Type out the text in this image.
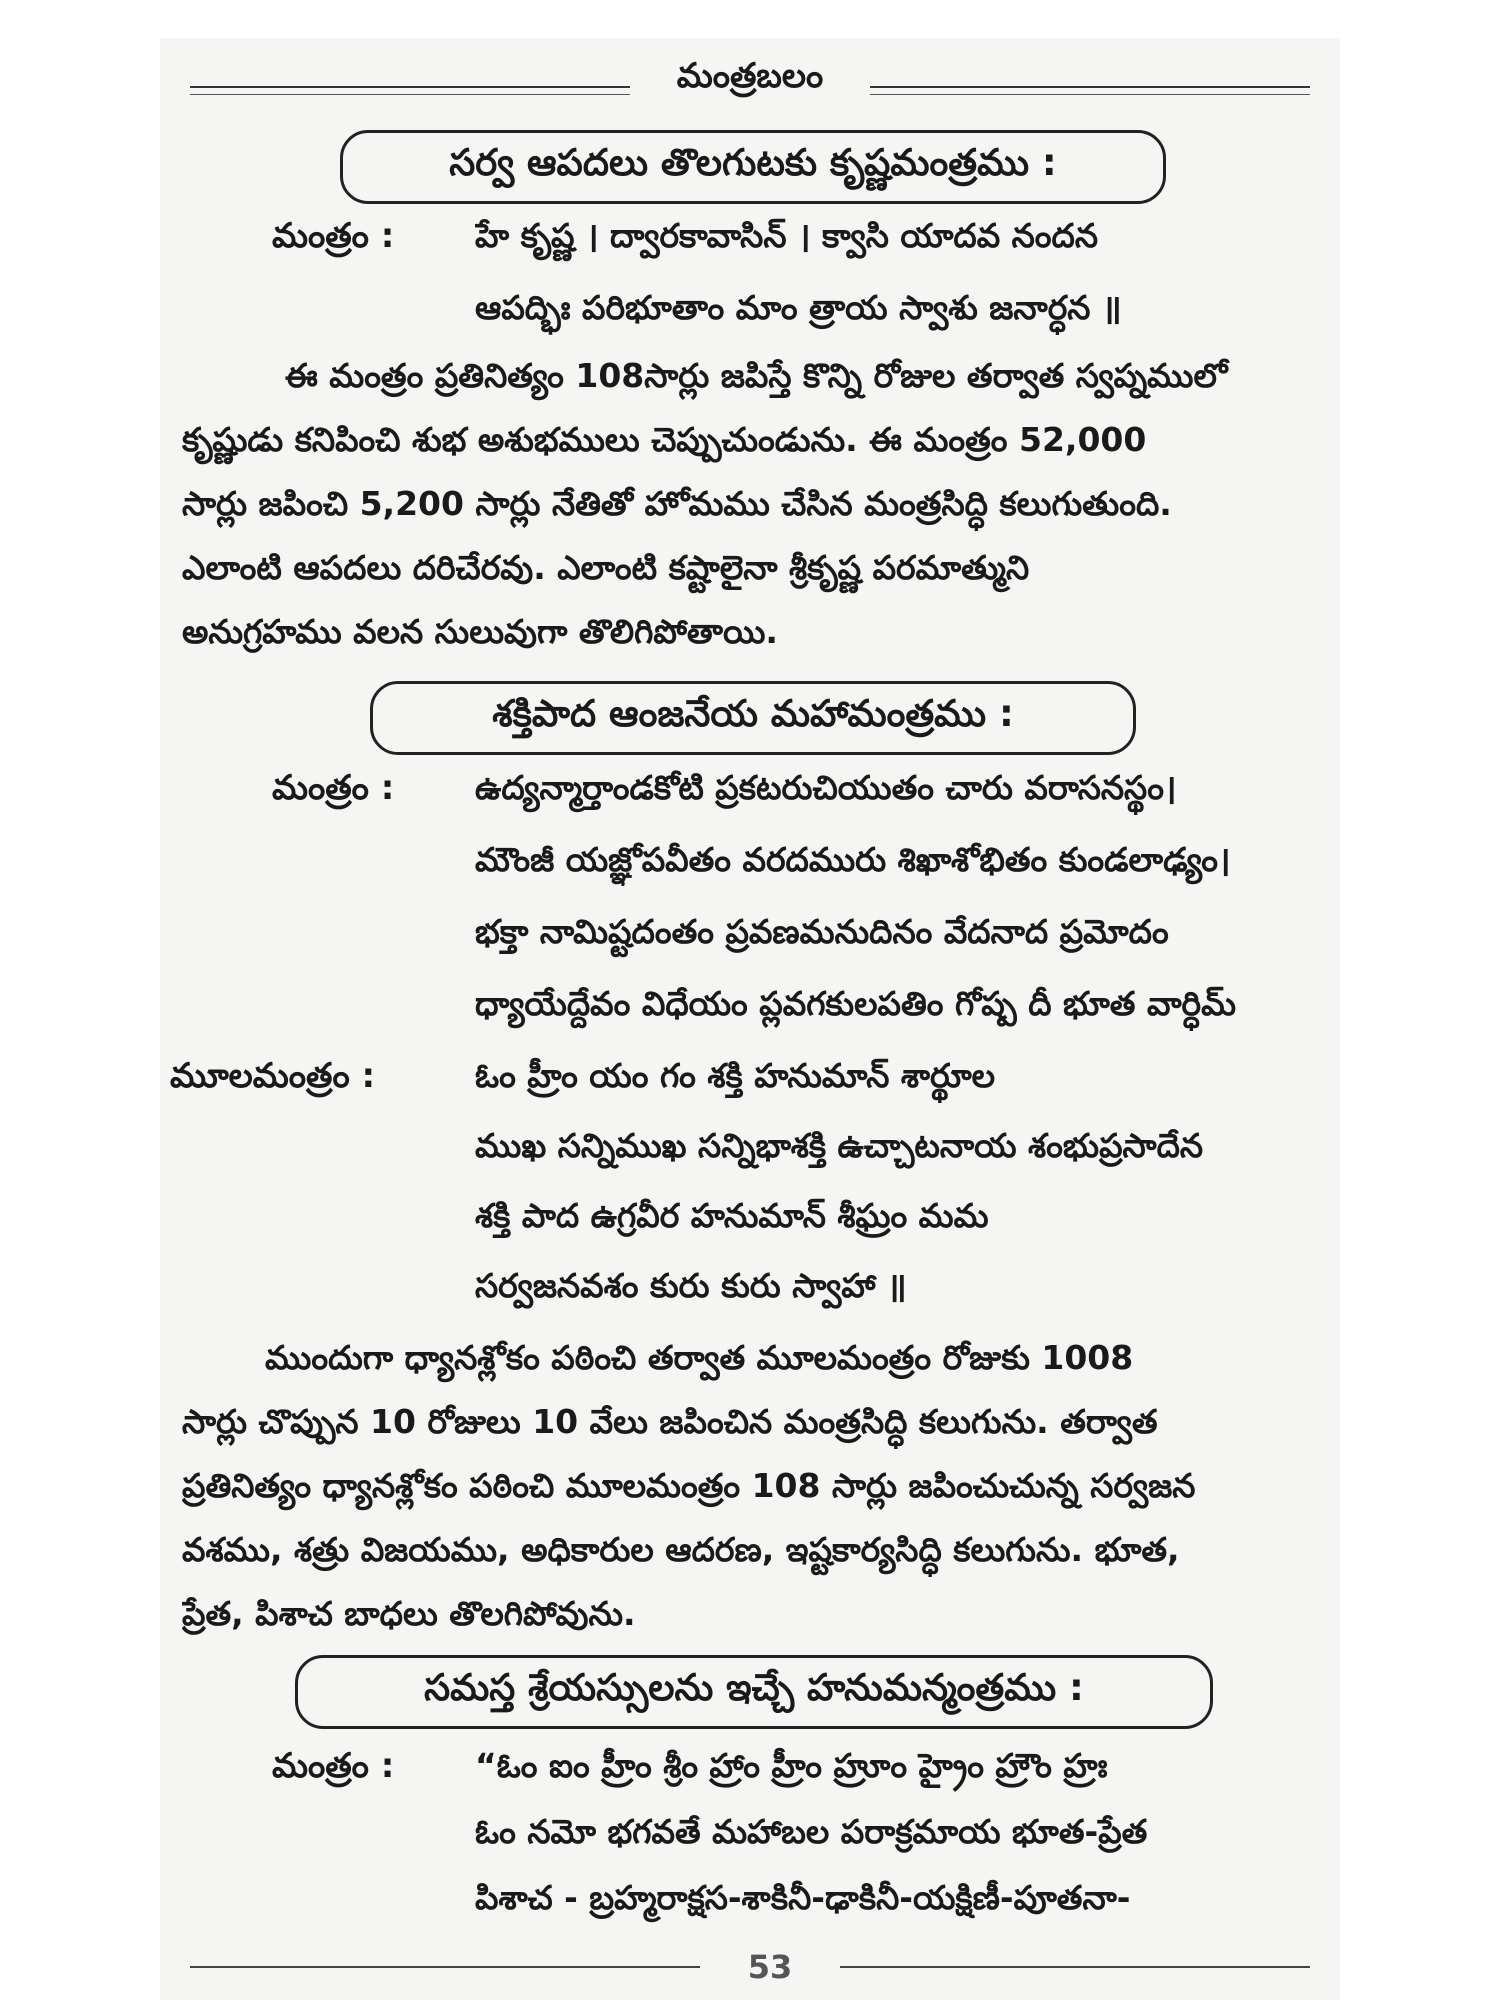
మంత్రబలం
సర్వ ఆపదలు తొలగుటకు కృష్ణమంత్రము :
మంత్రం : హే కృష్ణ । ద్వారకావాసిన్ । క్వాసి యాదవ నందన
ఆపద్భిః పరిభూతాం మాం త్రాయ స్వాశు జనార్ధన ॥
ఈ మంత్రం ప్రతినిత్యం 108సార్లు జపిస్తే కొన్ని రోజుల తర్వాత స్వప్నములో
కృష్ణుడు కనిపించి శుభ అశుభములు చెప్పుచుండును. ఈ మంత్రం 52,000
సార్లు జపించి 5,200 సార్లు నేతితో హోమము చేసిన మంత్రసిద్ధి కలుగుతుంది.
ఎలాంటి ఆపదలు దరిచేరవు. ఎలాంటి కష్టాలైనా శ్రీకృష్ణ పరమాత్ముని
అనుగ్రహము వలన సులువుగా తొలిగిపోతాయి.
శక్తిపాద ఆంజనేయ మహామంత్రము :
మంత్రం : ఉద్యన్మార్తాండకోటి ప్రకటరుచియుతం చారు వరాసనస్థం।
మౌంజీ యజ్ఞోపవీతం వరదమురు శిఖాశోభితం కుండలాఢ్యం।
భక్తా నామిష్టదంతం ప్రవణమనుదినం వేదనాద ప్రమోదం
ధ్యాయేద్దేవం విధేయం ప్లవగకులపతిం గోష్ప దీ భూత వార్ధిమ్
మూలమంత్రం :	ఓం హ్రీం యం గం శక్తి హనుమాన్ శార్థూల
ముఖ సన్నిముఖ సన్నిభాశక్తి ఉచ్చాటనాయ శంభుప్రసాదేన
శక్తి పాద ఉగ్రవీర హనుమాన్ శీఘ్రం మమ
సర్వజనవశం కురు కురు స్వాహా ॥
ముందుగా ధ్యానశ్లోకం పఠించి తర్వాత మూలమంత్రం రోజుకు 1008
సార్లు చొప్పున 10 రోజులు 10 వేలు జపించిన మంత్రసిద్ధి కలుగును. తర్వాత
ప్రతినిత్యం ధ్యానశ్లోకం పఠించి మూలమంత్రం 108 సార్లు జపించుచున్న సర్వజన
వశము, శత్రు విజయము, అధికారుల ఆదరణ, ఇష్టకార్యసిద్ధి కలుగును. భూత,
ప్రేత, పిశాచ బాధలు తొలగిపోవును.
సమస్త శ్రేయస్సులను ఇచ్చే హనుమన్మంత్రము :
మంత్రం : “ఓం ఐం హ్రీం శ్రీం హ్రాం హ్రీం హ్రూం హ్రైం హ్రౌం హ్రః
ఓం నమో భగవతే మహాబల పరాక్రమాయ భూత-ప్రేత
పిశాచ - బ్రహ్మరాక్షస-శాకినీ-ఢాకినీ-యక్షిణీ-పూతనా-
53
